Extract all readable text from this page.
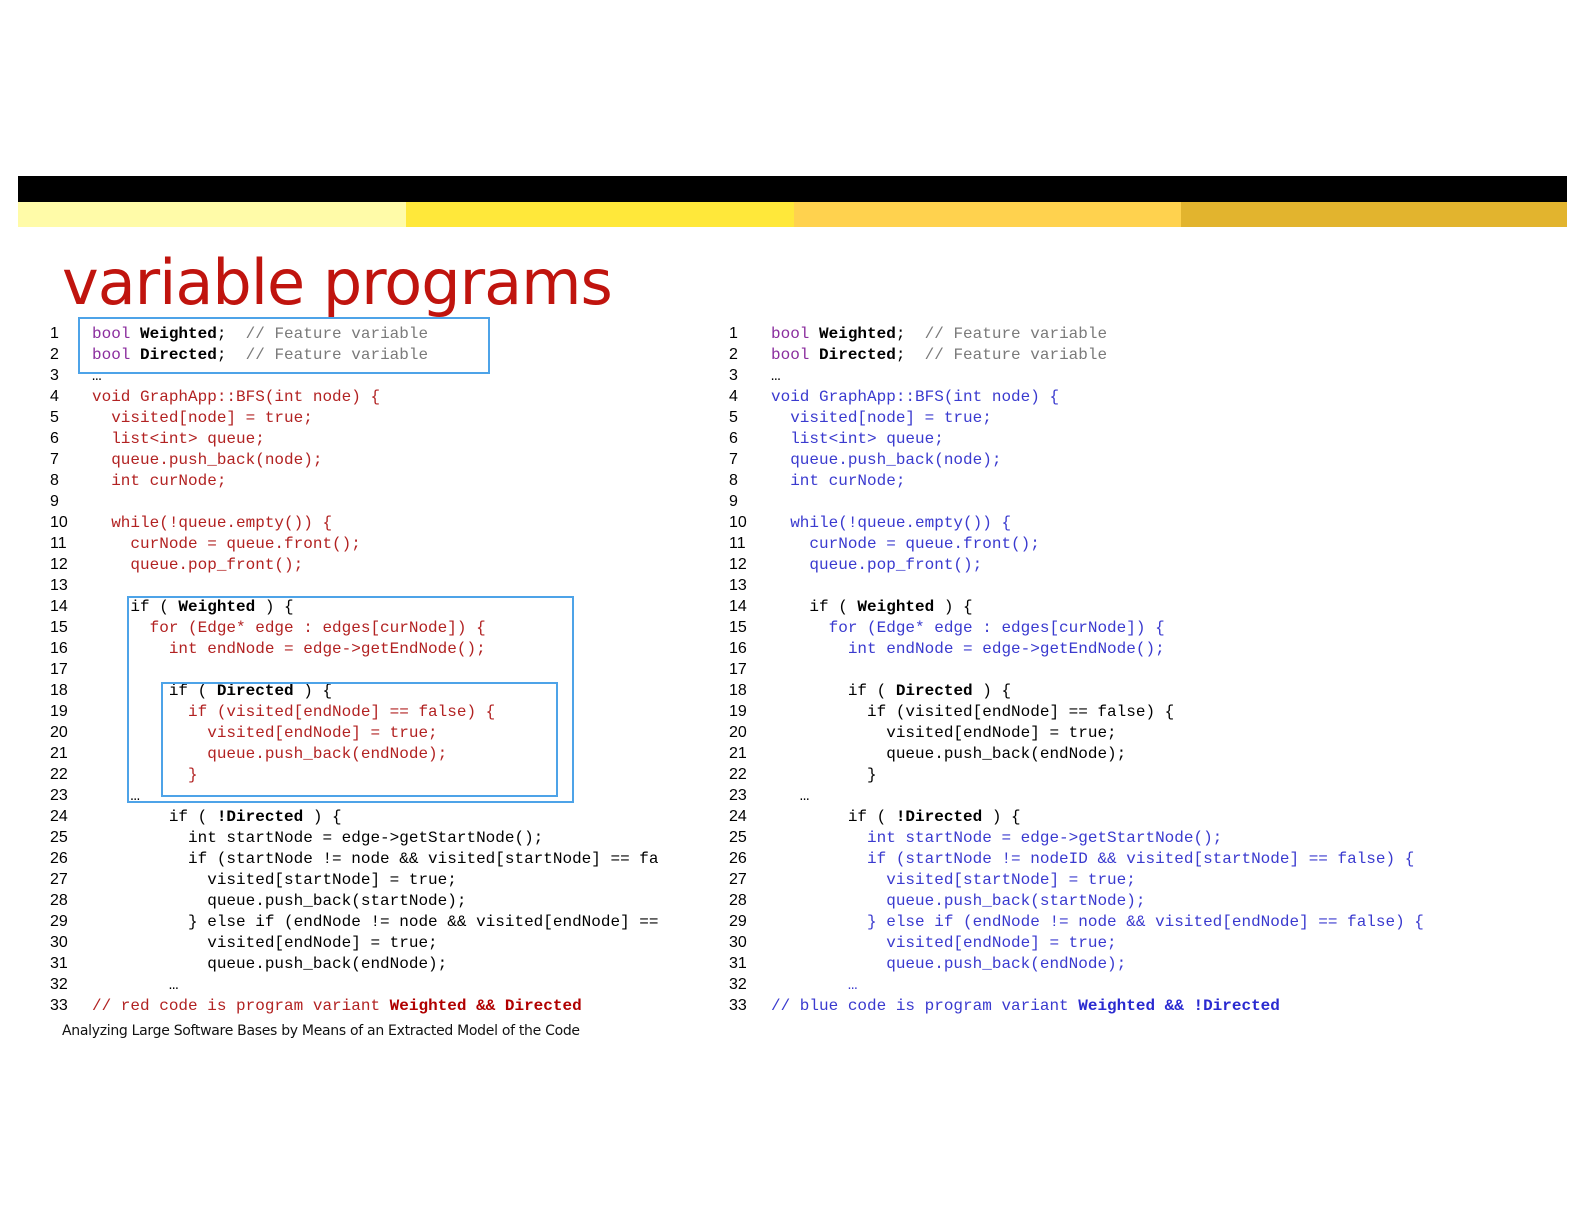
variable programs
1 bool Weighted;  // Feature variable
2 bool Directed;  // Feature variable
3 …
4 void GraphApp::BFS(int node) {
5  visited[node] = true;
6  list<int> queue;
7  queue.push_back(node);
8  int curNode;
9
10  while(!queue.empty()) {
11    curNode = queue.front();
12    queue.pop_front();
13
14    if ( Weighted ) {
15      for (Edge* edge : edges[curNode]) {
16        int endNode = edge->getEndNode();
17
18        if ( Directed ) {
19          if (visited[endNode] == false) {
20            visited[endNode] = true;
21            queue.push_back(endNode);
22          }
23    …
24        if ( !Directed ) {
25          int startNode = edge->getStartNode();
26          if (startNode != node && visited[startNode] == fa
27            visited[startNode] = true;
28            queue.push_back(startNode);
29          } else if (endNode != node && visited[endNode] ==
30            visited[endNode] = true;
31            queue.push_back(endNode);
32        …
33 // red code is program variant Weighted && Directed
1 bool Weighted;  // Feature variable
2 bool Directed;  // Feature variable
3 …
4 void GraphApp::BFS(int node) {
5  visited[node] = true;
6  list<int> queue;
7  queue.push_back(node);
8  int curNode;
9
10  while(!queue.empty()) {
11    curNode = queue.front();
12    queue.pop_front();
13
14    if ( Weighted ) {
15      for (Edge* edge : edges[curNode]) {
16        int endNode = edge->getEndNode();
17
18        if ( Directed ) {
19          if (visited[endNode] == false) {
20            visited[endNode] = true;
21            queue.push_back(endNode);
22          }
23   …
24        if ( !Directed ) {
25          int startNode = edge->getStartNode();
26          if (startNode != nodeID && visited[startNode] == false) {
27            visited[startNode] = true;
28            queue.push_back(startNode);
29          } else if (endNode != node && visited[endNode] == false) {
30            visited[endNode] = true;
31            queue.push_back(endNode);
32        …
33 // blue code is program variant Weighted && !Directed
Analyzing Large Software Bases by Means of an Extracted Model of the Code
